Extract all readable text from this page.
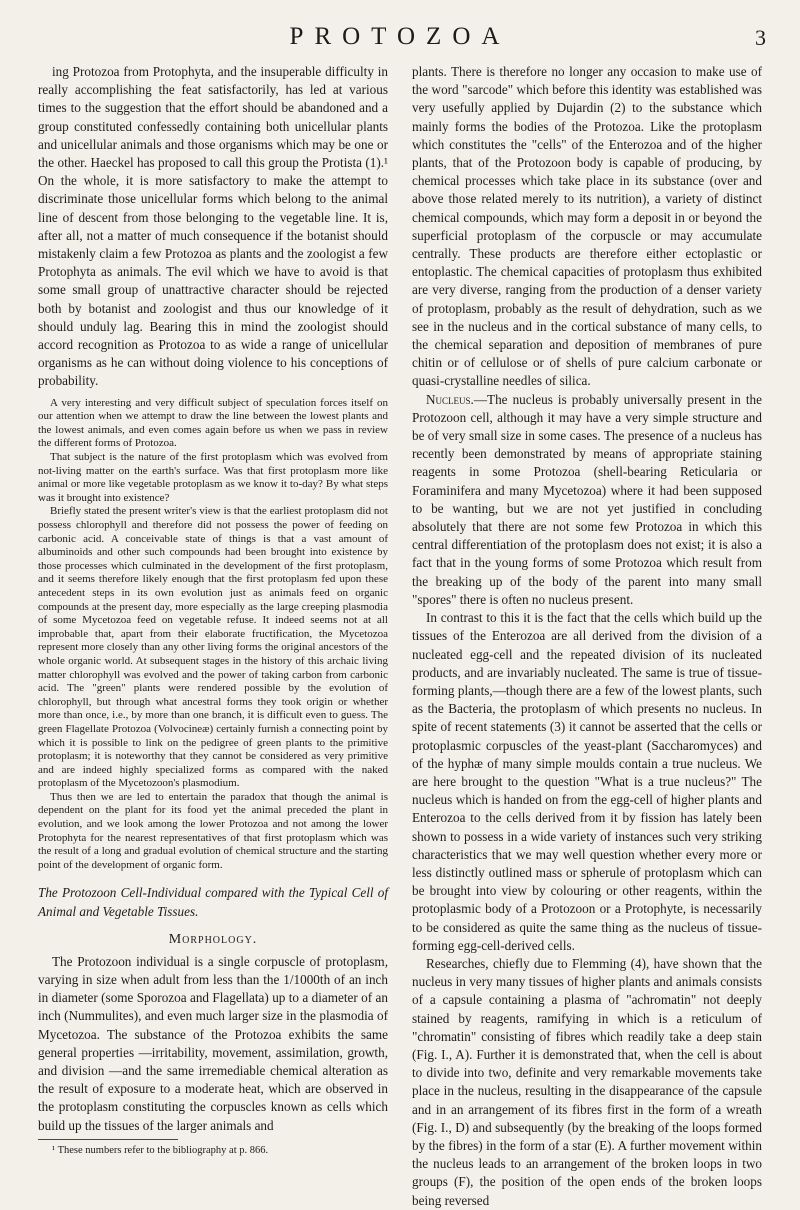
PROTOZOA	3

ing Protozoa from Protophyta, and the insuperable difficulty in really accomplishing the feat satisfactorily, has led at various times to the suggestion that the effort should be abandoned and a group constituted confessedly containing both unicellular plants and unicellular animals and those organisms which may be one or the other. Haeckel has proposed to call this group the Protista (1).¹ On the whole, it is more satisfactory to make the attempt to discriminate those unicellular forms which belong to the animal line of descent from those belonging to the vegetable line. It is, after all, not a matter of much consequence if the botanist should mistakenly claim a few Protozoa as plants and the zoologist a few Protophyta as animals. The evil which we have to avoid is that some small group of unattractive character should be rejected both by botanist and zoologist and thus our knowledge of it should unduly lag. Bearing this in mind the zoologist should accord recognition as Protozoa to as wide a range of unicellular organisms as he can without doing violence to his conceptions of probability.

A very interesting and very difficult subject of speculation forces itself on our attention when we attempt to draw the line between the lowest plants and the lowest animals, and even comes again before us when we pass in review the different forms of Protozoa.

That subject is the nature of the first protoplasm which was evolved from not-living matter on the earth's surface. Was that first protoplasm more like animal or more like vegetable protoplasm as we know it to-day? By what steps was it brought into existence?

Briefly stated the present writer's view is that the earliest protoplasm did not possess chlorophyll and therefore did not possess the power of feeding on carbonic acid. A conceivable state of things is that a vast amount of albuminoids and other such compounds had been brought into existence by those processes which culminated in the development of the first protoplasm, and it seems therefore likely enough that the first protoplasm fed upon these antecedent steps in its own evolution just as animals feed on organic compounds at the present day, more especially as the large creeping plasmodia of some Mycetozoa feed on vegetable refuse. It indeed seems not at all improbable that, apart from their elaborate fructification, the Mycetozoa represent more closely than any other living forms the original ancestors of the whole organic world. At subsequent stages in the history of this archaic living matter chlorophyll was evolved and the power of taking carbon from carbonic acid. The "green" plants were rendered possible by the evolution of chlorophyll, but through what ancestral forms they took origin or whether more than once, i.e., by more than one branch, it is difficult even to guess. The green Flagellate Protozoa (Volvocineæ) certainly furnish a connecting point by which it is possible to link on the pedigree of green plants to the primitive protoplasm; it is noteworthy that they cannot be considered as very primitive and are indeed highly specialized forms as compared with the naked protoplasm of the Mycetozoon's plasmodium.

Thus then we are led to entertain the paradox that though the animal is dependent on the plant for its food yet the animal preceded the plant in evolution, and we look among the lower Protozoa and not among the lower Protophyta for the nearest representatives of that first protoplasm which was the result of a long and gradual evolution of chemical structure and the starting point of the development of organic form.

The Protozoon Cell-Individual compared with the Typical Cell of Animal and Vegetable Tissues.

Morphology.

The Protozoon individual is a single corpuscle of protoplasm, varying in size when adult from less than the 1/1000th of an inch in diameter (some Sporozoa and Flagellata) up to a diameter of an inch (Nummulites), and even much larger size in the plasmodia of Mycetozoa. The substance of the Protozoa exhibits the same general properties —irritability, movement, assimilation, growth, and division —and the same irremediable chemical alteration as the result of exposure to a moderate heat, which are observed in the protoplasm constituting the corpuscles known as cells which build up the tissues of the larger animals and

¹ These numbers refer to the bibliography at p. 866.

plants. There is therefore no longer any occasion to make use of the word "sarcode" which before this identity was established was very usefully applied by Dujardin (2) to the substance which mainly forms the bodies of the Protozoa. Like the protoplasm which constitutes the "cells" of the Enterozoa and of the higher plants, that of the Protozoon body is capable of producing, by chemical processes which take place in its substance (over and above those related merely to its nutrition), a variety of distinct chemical compounds, which may form a deposit in or beyond the superficial protoplasm of the corpuscle or may accumulate centrally. These products are therefore either ectoplastic or entoplastic. The chemical capacities of protoplasm thus exhibited are very diverse, ranging from the production of a denser variety of protoplasm, probably as the result of dehydration, such as we see in the nucleus and in the cortical substance of many cells, to the chemical separation and deposition of membranes of pure chitin or of cellulose or of shells of pure calcium carbonate or quasi-crystalline needles of silica.

Nucleus.—The nucleus is probably universally present in the Protozoon cell, although it may have a very simple structure and be of very small size in some cases. The presence of a nucleus has recently been demonstrated by means of appropriate staining reagents in some Protozoa (shell-bearing Reticularia or Foraminifera and many Mycetozoa) where it had been supposed to be wanting, but we are not yet justified in concluding absolutely that there are not some few Protozoa in which this central differentiation of the protoplasm does not exist; it is also a fact that in the young forms of some Protozoa which result from the breaking up of the body of the parent into many small "spores" there is often no nucleus present.

In contrast to this it is the fact that the cells which build up the tissues of the Enterozoa are all derived from the division of a nucleated egg-cell and the repeated division of its nucleated products, and are invariably nucleated. The same is true of tissue-forming plants,—though there are a few of the lowest plants, such as the Bacteria, the protoplasm of which presents no nucleus. In spite of recent statements (3) it cannot be asserted that the cells or protoplasmic corpuscles of the yeast-plant (Saccharomyces) and of the hyphæ of many simple moulds contain a true nucleus. We are here brought to the question "What is a true nucleus?" The nucleus which is handed on from the egg-cell of higher plants and Enterozoa to the cells derived from it by fission has lately been shown to possess in a wide variety of instances such very striking characteristics that we may well question whether every more or less distinctly outlined mass or spherule of protoplasm which can be brought into view by colouring or other reagents, within the protoplasmic body of a Protozoon or a Protophyte, is necessarily to be considered as quite the same thing as the nucleus of tissue-forming egg-cell-derived cells.

Researches, chiefly due to Flemming (4), have shown that the nucleus in very many tissues of higher plants and animals consists of a capsule containing a plasma of "achromatin" not deeply stained by reagents, ramifying in which is a reticulum of "chromatin" consisting of fibres which readily take a deep stain (Fig. I., A). Further it is demonstrated that, when the cell is about to divide into two, definite and very remarkable movements take place in the nucleus, resulting in the disappearance of the capsule and in an arrangement of its fibres first in the form of a wreath (Fig. I., D) and subsequently (by the breaking of the loops formed by the fibres) in the form of a star (E). A further movement within the nucleus leads to an arrangement of the broken loops in two groups (F), the position of the open ends of the broken loops being reversed
